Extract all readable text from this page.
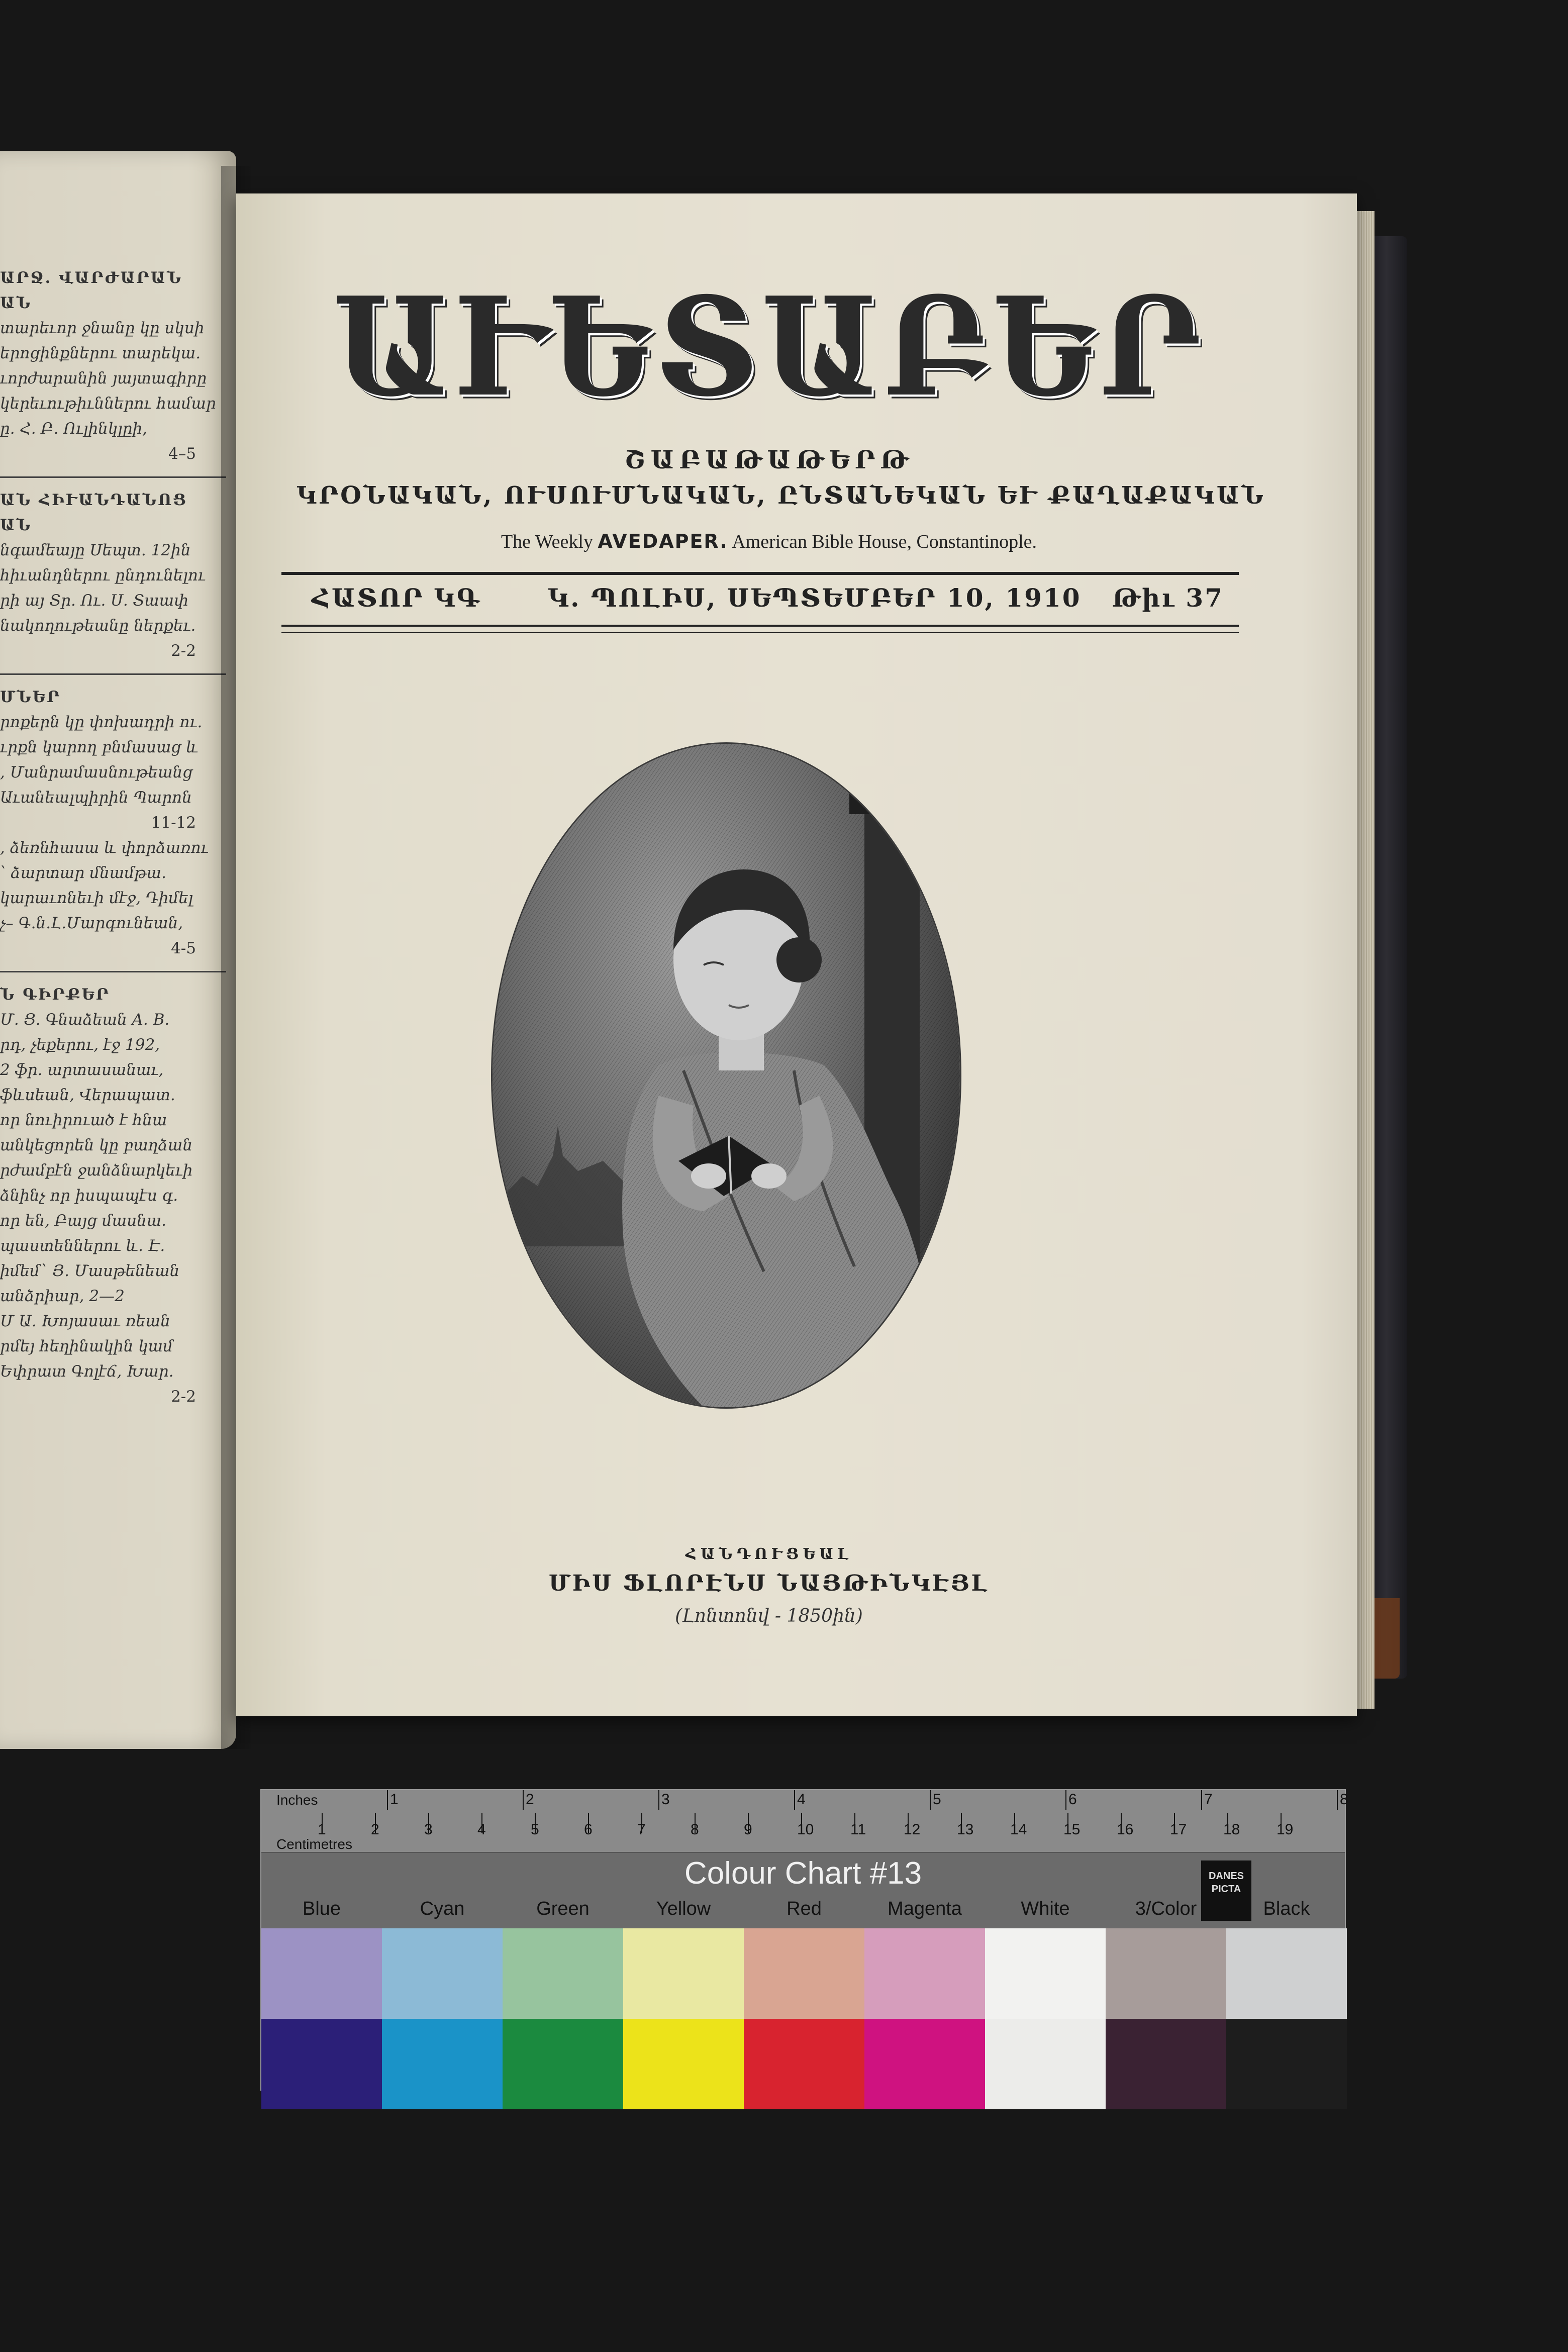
ԱՐՋ. ՎԱՐԺԱՐԱՆ
ԱՆ
տարեւոր ջնանը կը սկսի
երոցինքներու տարեկա.
ւորժարանին յայտագիրը
կերեւութիւններու համար
ը. Հ. Բ. Ուլինկլըի,
4–5
ԱՆ ՀԻՒԱՆԴԱՆՈՑ
ԱՆ
նգամեայը Սեպտ. 12ին
հիւանդներու ընդունելու
րի այ Տր. Ու. Ս. Տաափ
նակողութեանը ներքեւ.
2-2
ՄՆԵՐ
րոքերն կը փոխադրի ու.
ւրքն կարող բնմասաց և
, Մանրամասնութեանց
Աւանեալպիրին Պարոն
11-12
, ձեռնհասա և փորձառու
՝ ձարտար մնամթա.
կարաւոնեւի մէջ, Դիմել
չ– Գ.ն.Լ.Մարգունեան,
4-5
Ն ԳԻՐՔԵՐ
Մ. Ց. Գնաձեան A. B.
րդ, չեքերու, էջ 192,
2 ֆր. արտասանաւ,
ֆևսեան, Վերապատ.
որ նուիրուած է հնա
անկեցորեն կը բաղձան
րժամբէն ջանձնարկեւի
ձնինչ որ իսպապէս գ.
որ են, Բայց մասնա.
պաստեններու և. Է.
իմեմ` Յ. Մասթենեան
անձրիար, 2—2
Մ Ա. Խոյասաւ ռեան
րմեյ հեղինակին կամ
Եփրատ Գոլէճ, Խար.
2-2
ԱՒԵՏԱԲԵՐ
ՇԱԲԱԹԱԹԵՐԹ
ԿՐՕՆԱԿԱՆ, ՈՒՍՈՒՄՆԱԿԱՆ, ԸՆՏԱՆԵԿԱՆ ԵՒ ՔԱՂԱՔԱԿԱՆ
The Weekly AVEDAPER. American Bible House, Constantinople.
ՀԱՏՈՐ ԿԳ	Կ. ՊՈԼԻՍ, ՍԵՊՏԵՄԲԵՐ 10, 1910 Թիւ 37
ՀԱՆԴՈՒՑԵԱԼ
ՄԻՍ ՖԼՈՐԷՆՍ ՆԱՅԹԻՆԿԷՅԼ
(Լոնտոնվ - 1850ին)
Inches
Centimetres
1	2	3	4	5	6	7	8
1	2	3	4	5	6	7	8	9	10 11 12 13 14 15 16 17 18 19
Colour Chart #13	DANES PICTA
Blue	Cyan	Green	Yellow	Red	Magenta	White	3/Color	Black
